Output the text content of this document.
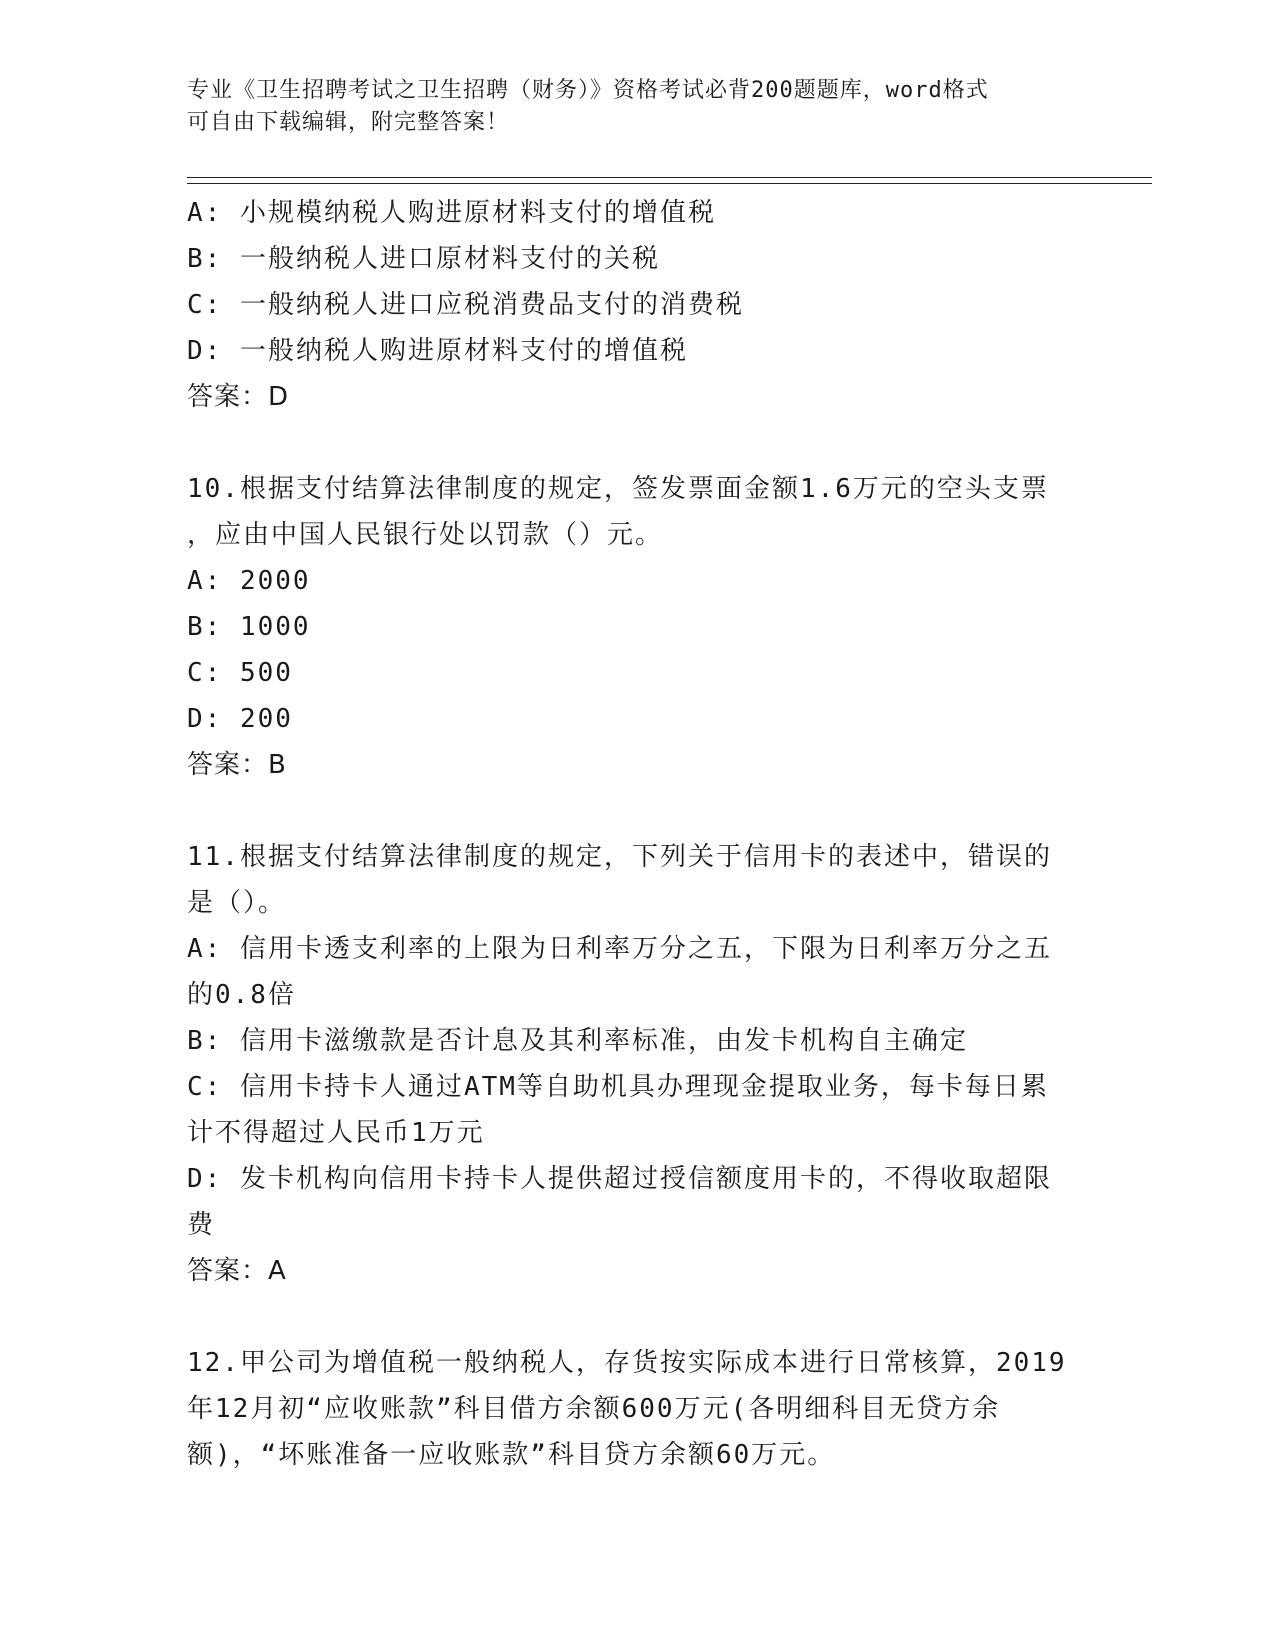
专业《卫生招聘考试之卫生招聘（财务）》资格考试必背200题题库，word格式
可自由下载编辑，附完整答案！
A: 小规模纳税人购进原材料支付的增值税
B: 一般纳税人进口原材料支付的关税
C: 一般纳税人进口应税消费品支付的消费税
D: 一般纳税人购进原材料支付的增值税
答案：D
10.根据支付结算法律制度的规定，签发票面金额1.6万元的空头支票
，应由中国人民银行处以罚款（）元。
A: 2000
B: 1000
C: 500
D: 200
答案：B
11.根据支付结算法律制度的规定，下列关于信用卡的表述中，错误的
是（）。
A: 信用卡透支利率的上限为日利率万分之五，下限为日利率万分之五
的0.8倍
B: 信用卡滋缴款是否计息及其利率标准，由发卡机构自主确定
C: 信用卡持卡人通过ATM等自助机具办理现金提取业务，每卡每日累
计不得超过人民币1万元
D: 发卡机构向信用卡持卡人提供超过授信额度用卡的，不得收取超限
费
答案：A
12.甲公司为增值税一般纳税人，存货按实际成本进行日常核算，2019
年12月初“应收账款”科目借方余额600万元(各明细科目无贷方余
额)，“坏账准备一应收账款”科目贷方余额60万元。
